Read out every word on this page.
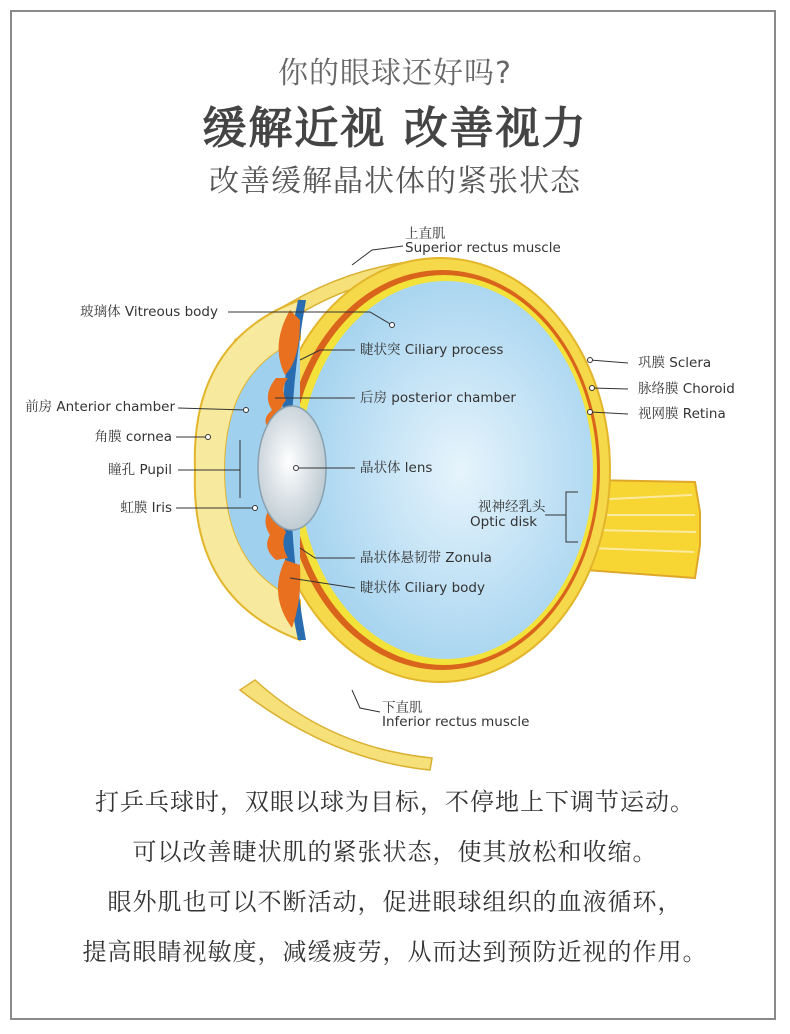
你的眼球还好吗?
缓解近视 改善视力
改善缓解晶状体的紧张状态
上直肌
Superior rectus muscle
玻璃体 Vitreous body
睫状突 Ciliary process
后房 posterior chamber
前房 Anterior chamber
角膜 cornea
瞳孔 Pupil	晶状体 lens
虹膜 Iris
巩膜 Sclera
脉络膜 Choroid
视网膜 Retina
视神经乳头
Optic disk
晶状体悬韧带 Zonula
睫状体 Ciliary body
下直肌
Inferior rectus muscle
打乒乓球时，双眼以球为目标，不停地上下调节运动。
可以改善睫状肌的紧张状态，使其放松和收缩。
眼外肌也可以不断活动，促进眼球组织的血液循环，
提高眼睛视敏度，减缓疲劳，从而达到预防近视的作用。
